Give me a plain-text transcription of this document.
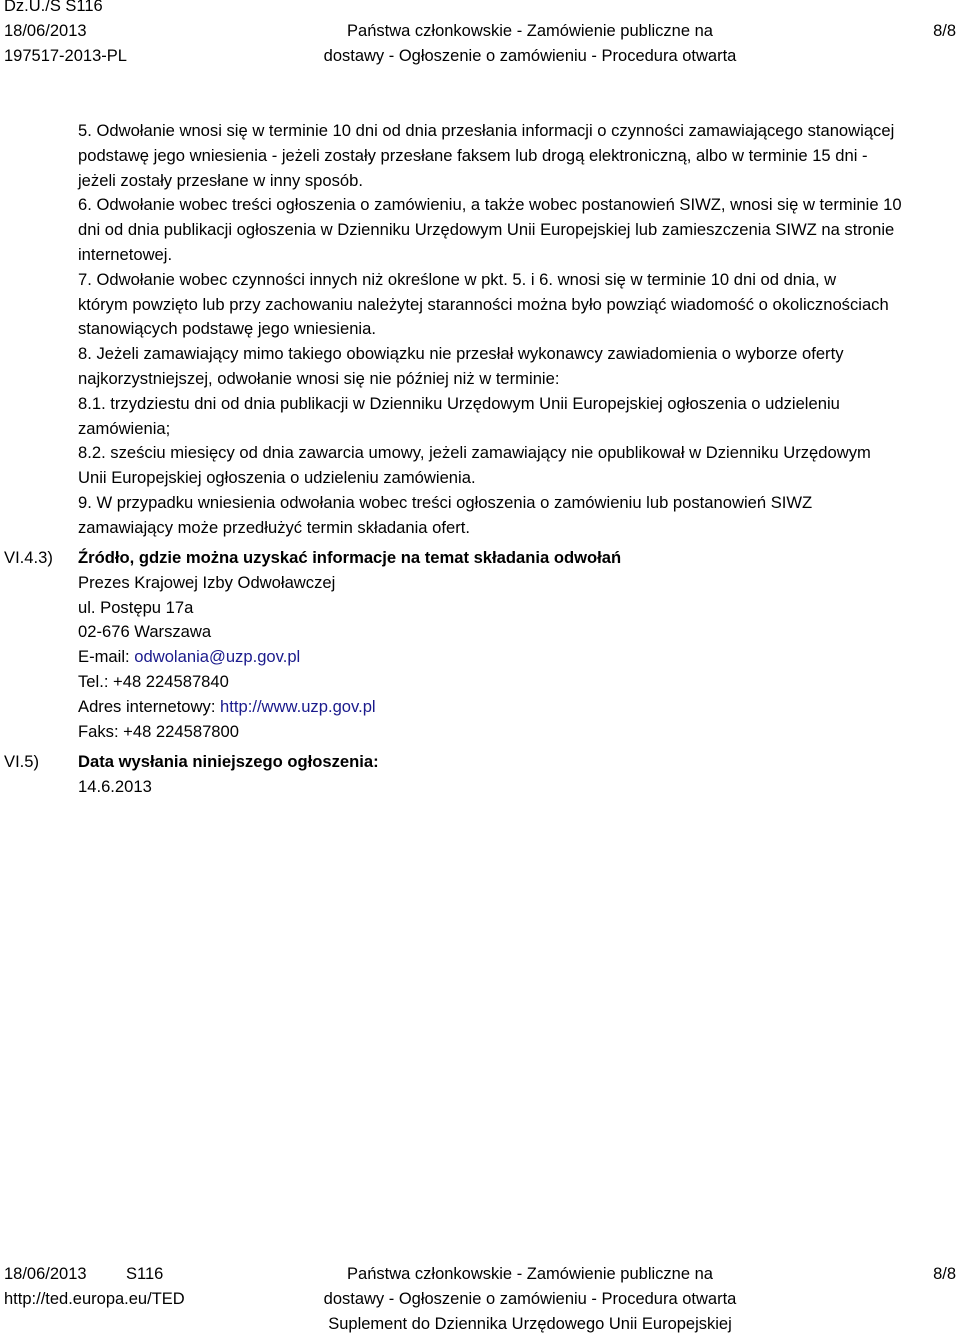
Dz.U./S S116
18/06/2013
197517-2013-PL
Państwa członkowskie - Zamówienie publiczne na
dostawy - Ogłoszenie o zamówieniu - Procedura otwarta
8/8
5. Odwołanie wnosi się w terminie 10 dni od dnia przesłania informacji o czynności zamawiającego stanowiącej
podstawę jego wniesienia - jeżeli zostały przesłane faksem lub drogą elektroniczną, albo w terminie 15 dni -
jeżeli zostały przesłane w inny sposób.
6. Odwołanie wobec treści ogłoszenia o zamówieniu, a także wobec postanowień SIWZ, wnosi się w terminie 10
dni od dnia publikacji ogłoszenia w Dzienniku Urzędowym Unii Europejskiej lub zamieszczenia SIWZ na stronie
internetowej.
7. Odwołanie wobec czynności innych niż określone w pkt. 5. i 6. wnosi się w terminie 10 dni od dnia, w
którym powzięto lub przy zachowaniu należytej staranności można było powziąć wiadomość o okolicznościach
stanowiących podstawę jego wniesienia.
8. Jeżeli zamawiający mimo takiego obowiązku nie przesłał wykonawcy zawiadomienia o wyborze oferty
najkorzystniejszej, odwołanie wnosi się nie później niż w terminie:
8.1. trzydziestu dni od dnia publikacji w Dzienniku Urzędowym Unii Europejskiej ogłoszenia o udzieleniu
zamówienia;
8.2. sześciu miesięcy od dnia zawarcia umowy, jeżeli zamawiający nie opublikował w Dzienniku Urzędowym
Unii Europejskiej ogłoszenia o udzieleniu zamówienia.
9. W przypadku wniesienia odwołania wobec treści ogłoszenia o zamówieniu lub postanowień SIWZ
zamawiający może przedłużyć termin składania ofert.
VI.4.3) Źródło, gdzie można uzyskać informacje na temat składania odwołań
Prezes Krajowej Izby Odwoławczej
ul. Postępu 17a
02-676 Warszawa
E-mail: odwolania@uzp.gov.pl
Tel.: +48 224587840
Adres internetowy: http://www.uzp.gov.pl
Faks: +48 224587800
VI.5) Data wysłania niniejszego ogłoszenia:
14.6.2013
18/06/2013 S116
http://ted.europa.eu/TED
Państwa członkowskie - Zamówienie publiczne na
dostawy - Ogłoszenie o zamówieniu - Procedura otwarta
Suplement do Dziennika Urzędowego Unii Europejskiej
8/8
